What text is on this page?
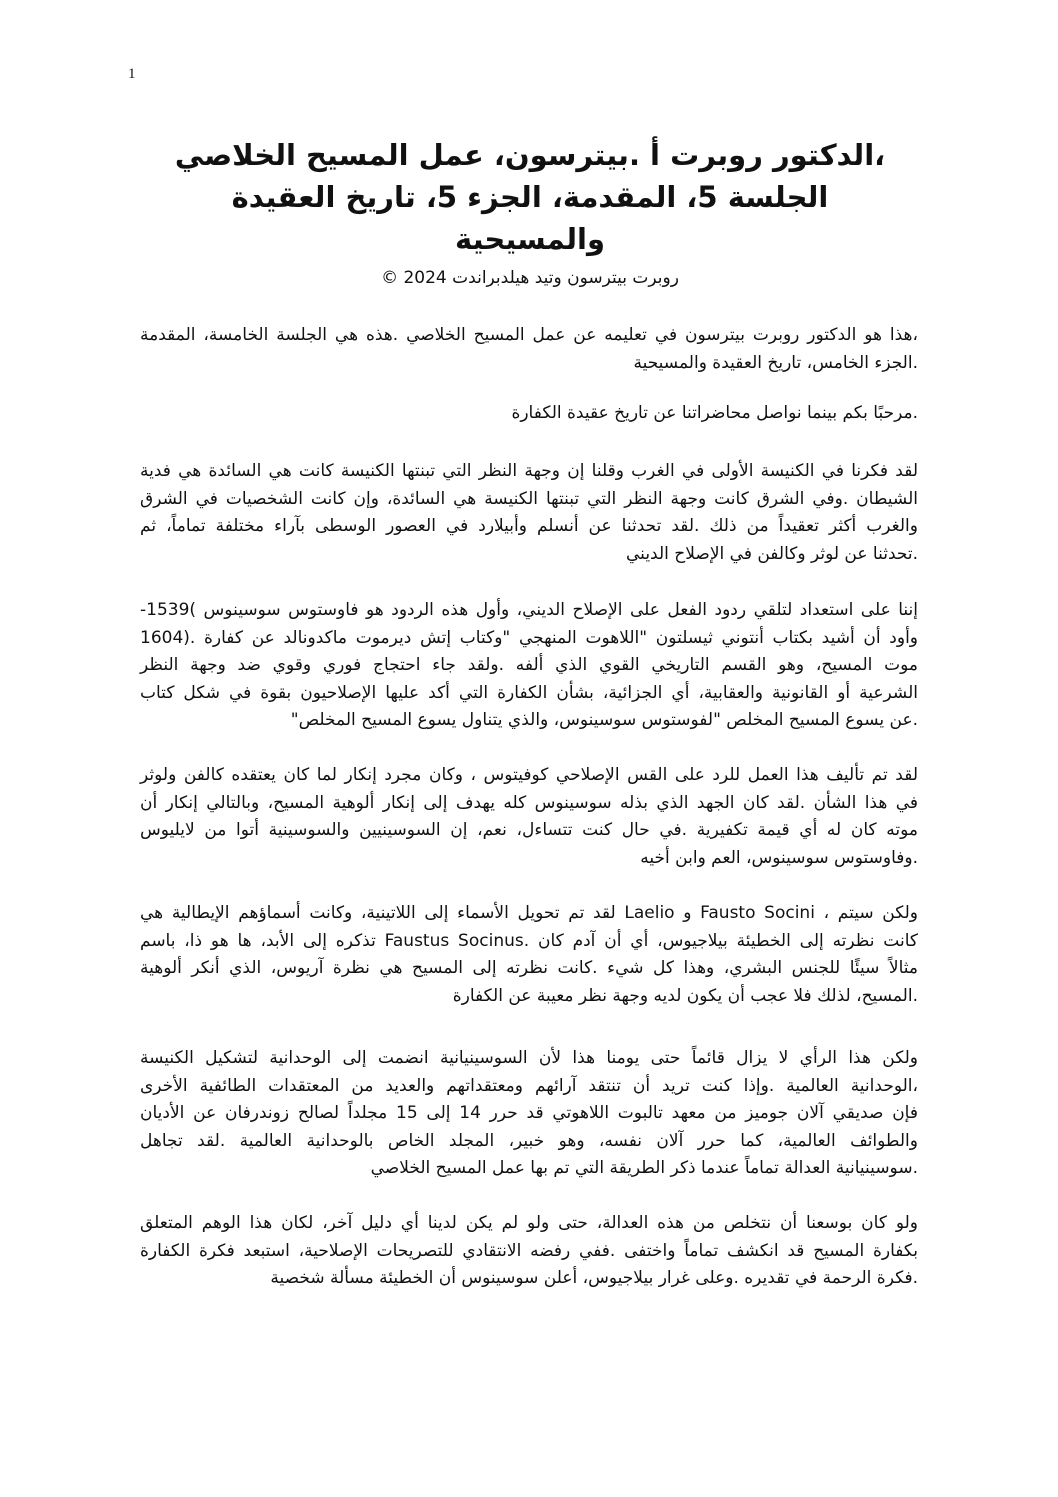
1
،الدكتور روبرت أ .بيترسون، عمل المسيح الخلاصي
الجلسة 5، المقدمة، الجزء 5، تاريخ العقيدة
والمسيحية
روبرت بيترسون وتيد هيلدبراندت 2024 ©
،هذا هو الدكتور روبرت بيترسون في تعليمه عن عمل المسيح الخلاصي .هذه هي الجلسة الخامسة، المقدمة
.الجزء الخامس، تاريخ العقيدة والمسيحية
.مرحبًا بكم بينما نواصل محاضراتنا عن تاريخ عقيدة الكفارة
لقد فكرنا في الكنيسة الأولى في الغرب وقلنا إن وجهة النظر التي تبنتها الكنيسة كانت هي السائدة هي فدية
الشيطان .وفي الشرق كانت وجهة النظر التي تبنتها الكنيسة هي السائدة، وإن كانت الشخصيات في الشرق
والغرب أكثر تعقيداً من ذلك .لقد تحدثنا عن أنسلم وأبيلارد في العصور الوسطى بآراء مختلفة تماماً، ثم
.تحدثنا عن لوثر وكالفن في الإصلاح الديني
إننا على استعداد لتلقي ردود الفعل على الإصلاح الديني، وأول هذه الردود هو فاوستوس سوسينوس )1539-
وأود أن أشيد بكتاب أنتوني ثيسلتون "اللاهوت المنهجي "وكتاب إتش ديرموت ماكدونالد عن كفارة .(1604
موت المسيح، وهو القسم التاريخي القوي الذي ألفه .ولقد جاء احتجاج فوري وقوي ضد وجهة النظر
الشرعية أو القانونية والعقابية، أي الجزائية، بشأن الكفارة التي أكد عليها الإصلاحيون بقوة في شكل كتاب
.عن يسوع المسيح المخلص "لفوستوس سوسينوس، والذي يتناول يسوع المسيح المخلص"
لقد تم تأليف هذا العمل للرد على القس الإصلاحي كوفيتوس ، وكان مجرد إنكار لما كان يعتقده كالفن ولوثر
في هذا الشأن .لقد كان الجهد الذي بذله سوسينوس كله يهدف إلى إنكار ألوهية المسيح، وبالتالي إنكار أن
موته كان له أي قيمة تكفيرية .في حال كنت تتساءل، نعم، إن السوسينيين والسوسينية أتوا من لايليوس
.وفاوستوس سوسينوس، العم وابن أخيه
ولكن سيتم ، Fausto Socini و Laelio لقد تم تحويل الأسماء إلى اللاتينية، وكانت أسماؤهم الإيطالية هي
كانت نظرته إلى الخطيئة بيلاجيوس، أي أن آدم كان .Faustus Socinus تذكره إلى الأبد، ها هو ذا، باسم
مثالاً سيئًا للجنس البشري، وهذا كل شيء .كانت نظرته إلى المسيح هي نظرة آريوس، الذي أنكر ألوهية
.المسيح، لذلك فلا عجب أن يكون لديه وجهة نظر معيبة عن الكفارة
ولكن هذا الرأي لا يزال قائماً حتى يومنا هذا لأن السوسينيانية انضمت إلى الوحدانية لتشكيل الكنيسة
،الوحدانية العالمية .وإذا كنت تريد أن تنتقد آرائهم ومعتقداتهم والعديد من المعتقدات الطائفية الأخرى
فإن صديقي آلان جوميز من معهد تالبوت اللاهوتي قد حرر 14 إلى 15 مجلداً لصالح زوندرفان عن الأديان
والطوائف العالمية، كما حرر آلان نفسه، وهو خبير، المجلد الخاص بالوحدانية العالمية .لقد تجاهل
.سوسينيانية العدالة تماماً عندما ذكر الطريقة التي تم بها عمل المسيح الخلاصي
ولو كان بوسعنا أن نتخلص من هذه العدالة، حتى ولو لم يكن لدينا أي دليل آخر، لكان هذا الوهم المتعلق
بكفارة المسيح قد انكشف تماماً واختفى .ففي رفضه الانتقادي للتصريحات الإصلاحية، استبعد فكرة الكفارة
.فكرة الرحمة في تقديره .وعلى غرار بيلاجيوس، أعلن سوسينوس أن الخطيئة مسألة شخصية
